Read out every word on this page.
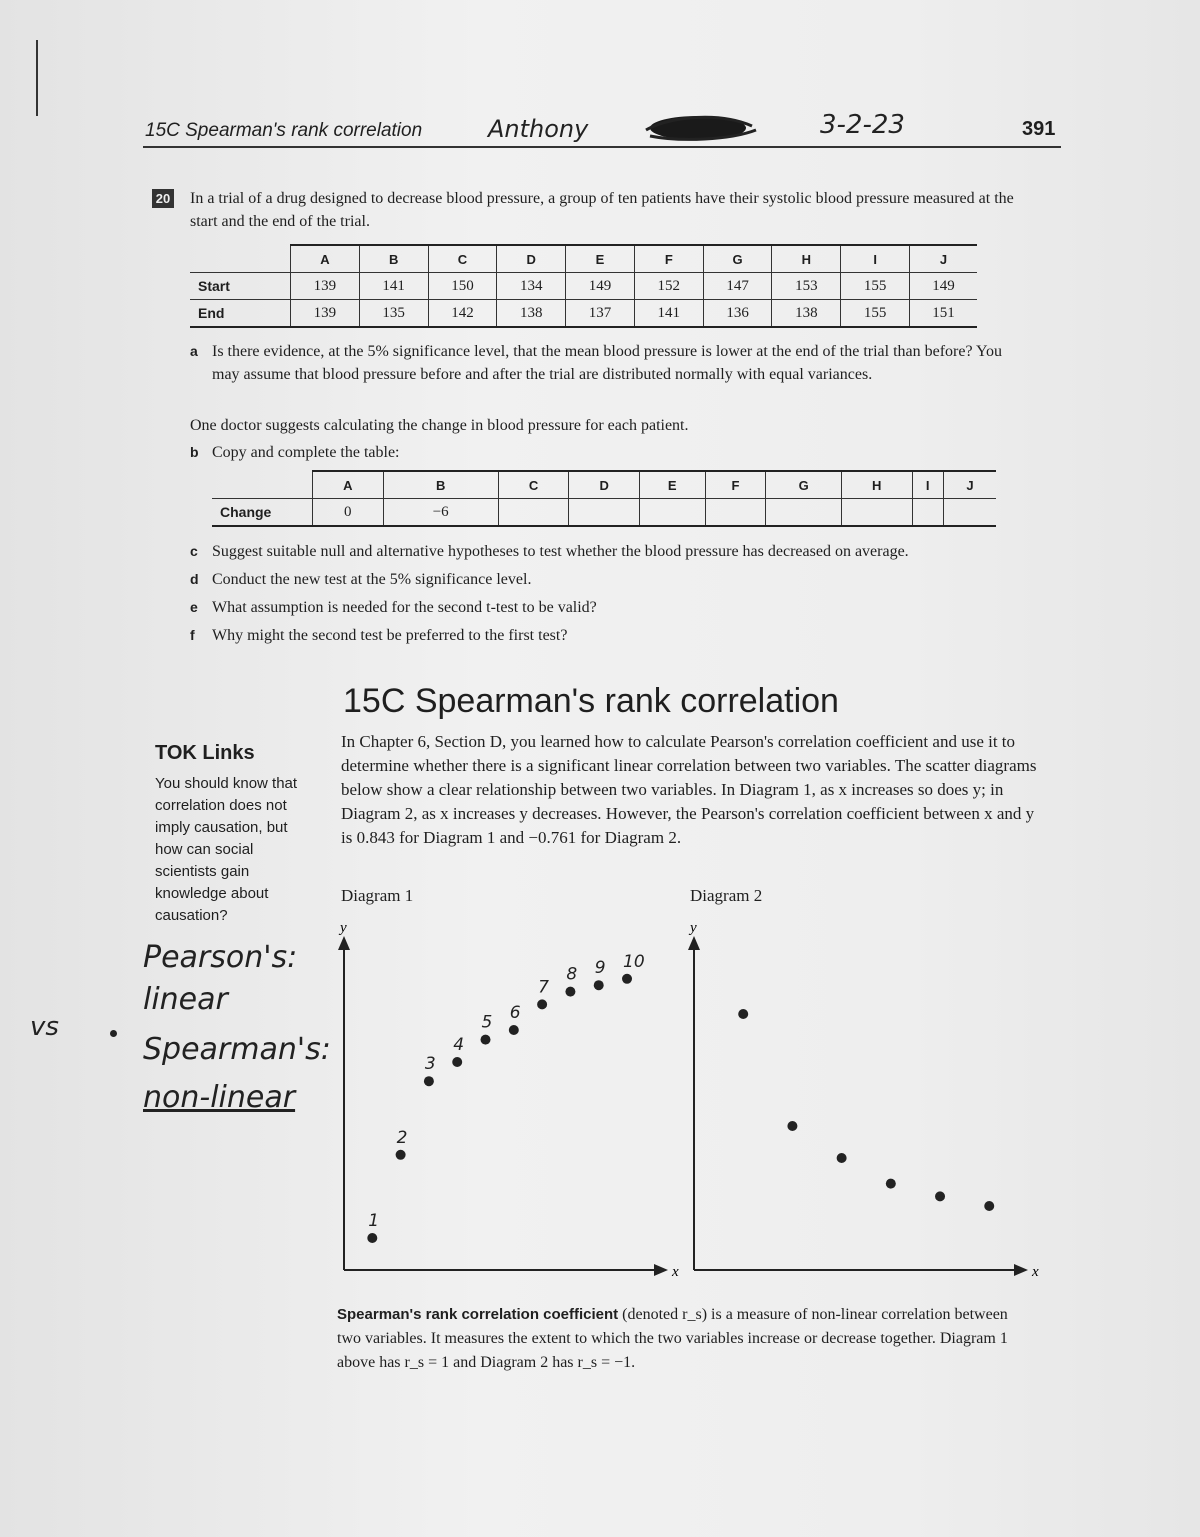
15C Spearman's rank correlation	Anthony	3-2-23	391
20 In a trial of a drug designed to decrease blood pressure, a group of ten patients have their systolic blood pressure measured at the start and the end of the trial.
	A	B	C	D	E	F	G	H	I	J
Start	139	141	150	134	149	152	147	153	155	149
End	139	135	142	138	137	141	136	138	155	151
a Is there evidence, at the 5% significance level, that the mean blood pressure is lower at the end of the trial than before? You may assume that blood pressure before and after the trial are distributed normally with equal variances.
One doctor suggests calculating the change in blood pressure for each patient.
b Copy and complete the table:
	A	B	C	D	E	F	G	H	I	J
Change	0	−6								
c Suggest suitable null and alternative hypotheses to test whether the blood pressure has decreased on average.
d Conduct the new test at the 5% significance level.
e What assumption is needed for the second t-test to be valid?
f Why might the second test be preferred to the first test?
15C Spearman's rank correlation
In Chapter 6, Section D, you learned how to calculate Pearson's correlation coefficient and use it to determine whether there is a significant linear correlation between two variables. The scatter diagrams below show a clear relationship between two variables. In Diagram 1, as x increases so does y; in Diagram 2, as x increases y decreases. However, the Pearson's correlation coefficient between x and y is 0.843 for Diagram 1 and −0.761 for Diagram 2.
TOK Links
You should know that correlation does not imply causation, but how can social scientists gain knowledge about causation?
Pearson's:
linear
Spearman's:
non-linear
vs
Diagram 1	Diagram 2
y
x
1
2
3
4
5 6
7
8 9 10
y
x
Spearman's rank correlation coefficient (denoted r_s) is a measure of non-linear correlation between two variables. It measures the extent to which the two variables increase or decrease together. Diagram 1 above has r_s = 1 and Diagram 2 has r_s = −1.
